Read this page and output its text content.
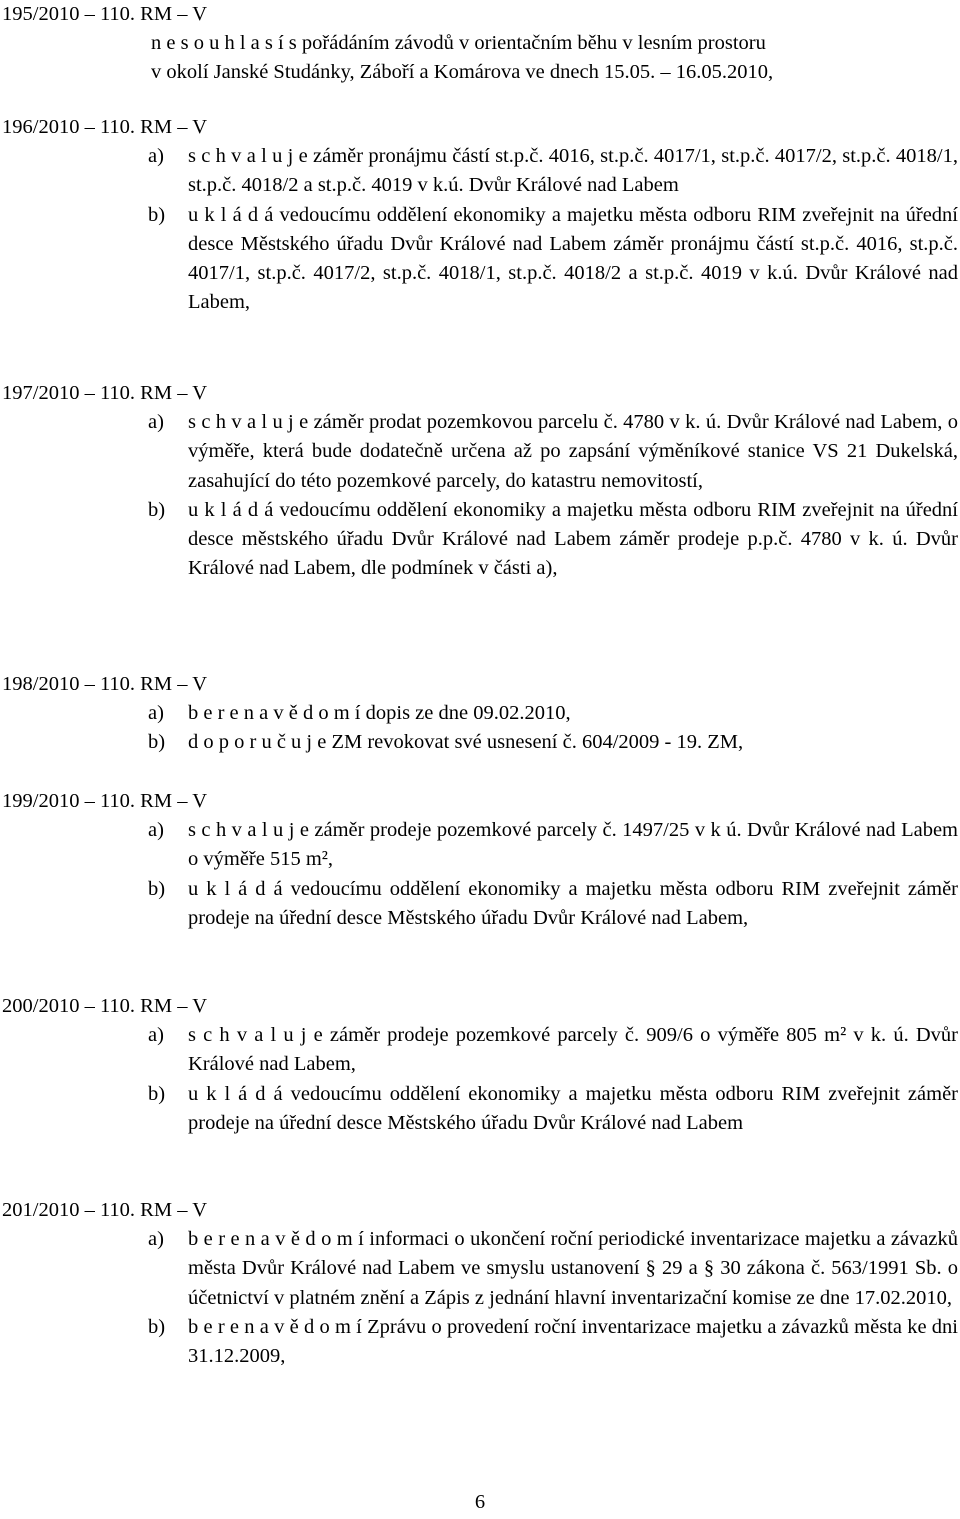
195/2010 – 110. RM – V

n e s o u h l a s í s pořádáním závodů v orientačním běhu v lesním prostoru

v okolí Janské Studánky, Záboří a Komárova ve dnech 15.05. – 16.05.2010,

196/2010 – 110. RM – V

a) s c h v a l u j e záměr pronájmu částí st.p.č. 4016, st.p.č. 4017/1, st.p.č. 4017/2, st.p.č. 4018/1, st.p.č. 4018/2 a st.p.č. 4019 v k.ú. Dvůr Králové nad Labem
b) u k l á d á vedoucímu oddělení ekonomiky a majetku města odboru RIM zveřejnit na úřední desce Městského úřadu Dvůr Králové nad Labem záměr pronájmu částí st.p.č. 4016, st.p.č. 4017/1, st.p.č. 4017/2, st.p.č. 4018/1, st.p.č. 4018/2 a st.p.č. 4019 v k.ú. Dvůr Králové nad Labem,

197/2010 – 110. RM – V

a) s c h v a l u j e záměr prodat pozemkovou parcelu č. 4780 v k. ú. Dvůr Králové nad Labem, o výměře, která bude dodatečně určena až po zapsání výměníkové stanice VS 21 Dukelská, zasahující do této pozemkové parcely, do katastru nemovitostí,
b) u k l á d á vedoucímu oddělení ekonomiky a majetku města odboru RIM zveřejnit na úřední desce městského úřadu Dvůr Králové nad Labem záměr prodeje p.p.č. 4780 v k. ú. Dvůr Králové nad Labem, dle podmínek v části a),

198/2010 – 110. RM – V

a) b e r e n a v ě d o m í dopis ze dne 09.02.2010,
b) d o p o r u č u j e ZM revokovat své usnesení č. 604/2009 - 19. ZM,

199/2010 – 110. RM – V

a) s c h v a l u j e záměr prodeje pozemkové parcely č. 1497/25 v k ú. Dvůr Králové nad Labem o výměře 515 m²,
b) u k l á d á vedoucímu oddělení ekonomiky a majetku města odboru RIM zveřejnit záměr prodeje na úřední desce Městského úřadu Dvůr Králové nad Labem,

200/2010 – 110. RM – V

a) s c h v a l u j e záměr prodeje pozemkové parcely č. 909/6 o výměře 805 m² v k. ú. Dvůr Králové nad Labem,
b) u k l á d á vedoucímu oddělení ekonomiky a majetku města odboru RIM zveřejnit záměr prodeje na úřední desce Městského úřadu Dvůr Králové nad Labem

201/2010 – 110. RM – V

a) b e r e n a v ě d o m í informaci o ukončení roční periodické inventarizace majetku a závazků města Dvůr Králové nad Labem ve smyslu ustanovení § 29 a § 30 zákona č. 563/1991 Sb. o účetnictví v platném znění a Zápis z jednání hlavní inventarizační komise ze dne 17.02.2010,
b) b e r e n a v ě d o m í Zprávu o provedení roční inventarizace majetku a závazků města ke dni 31.12.2009,
6
